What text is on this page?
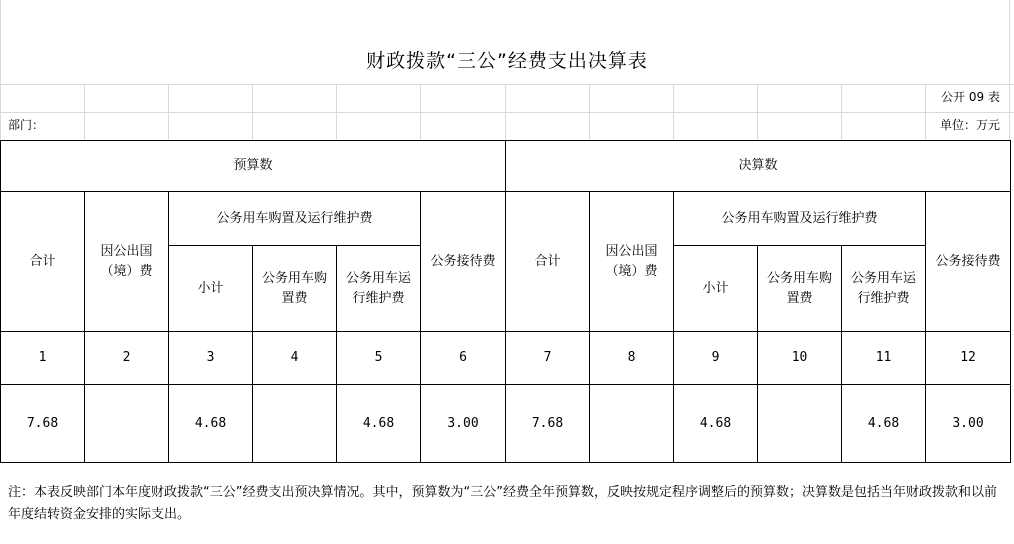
财政拨款“三公”经费支出决算表
公开 09 表
部门：	单位：万元
预算数						决算数					
合计	因公出国（境）费	公务用车购置及运行维护费			公务接待费	合计	因公出国（境）费	公务用车购置及运行维护费			公务接待费
		小计	公务用车购置费	公务用车运行维护费				小计	公务用车购置费	公务用车运行维护费	
1	2	3	4	5	6	7	8	9	10	11	12
7.68		4.68		4.68	3.00	7.68		4.68		4.68	3.00
注：本表反映部门本年度财政拨款“三公”经费支出预决算情况。其中，预算数为“三公”经费全年预算数，反映按规定程序调整后的预算数；决算数是包括当年财政拨款和以前年度结转资金安排的实际支出。
